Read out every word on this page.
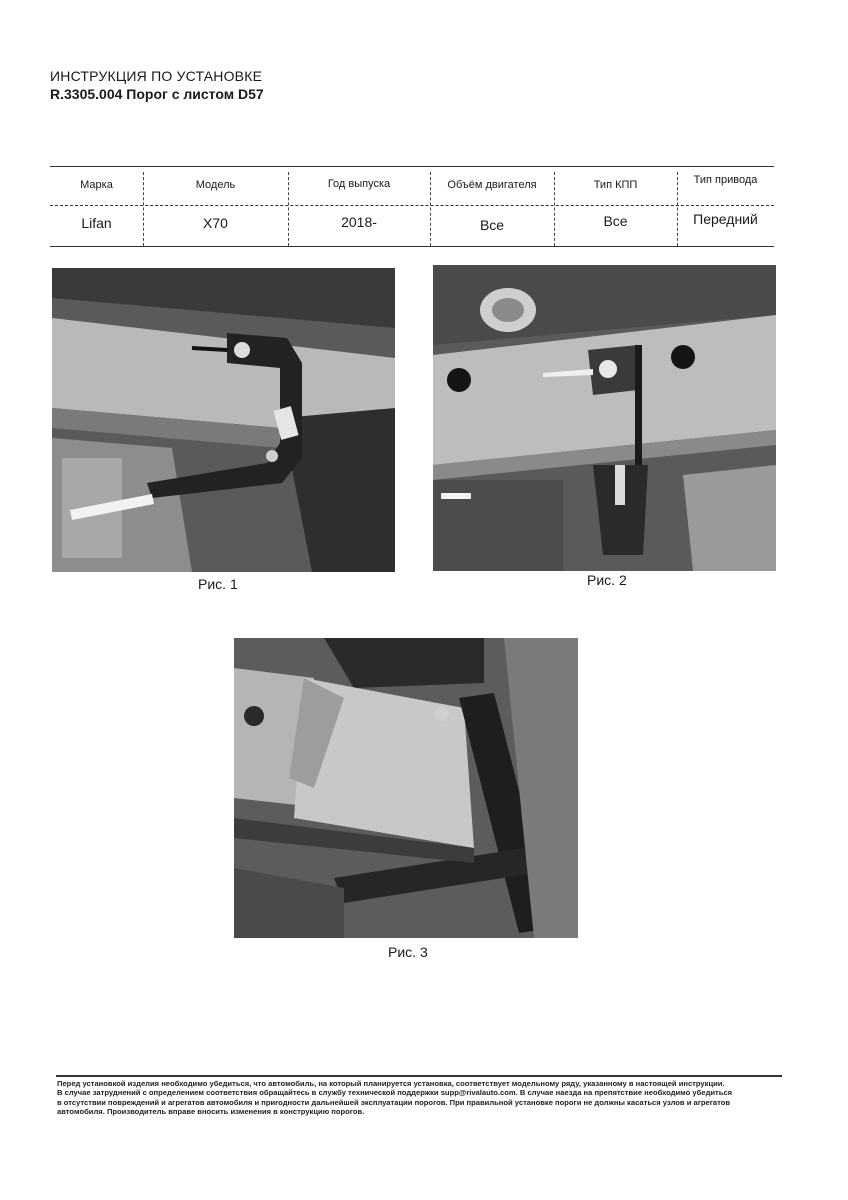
ИНСТРУКЦИЯ ПО УСТАНОВКЕ
R.3305.004 Порог с листом D57
Марка	Модель	Год выпуска	Объём двигателя	Тип КПП	Тип привода
Lifan	X70	2018-	Все	Все	Передний
Рис. 1	Рис. 2
Рис. 3
Перед установкой изделия необходимо убедиться, что автомобиль, на который планируется установка, соответствует модельному ряду, указанному в настоящей инструкции.
В случае затруднений с определением соответствия обращайтесь в службу технической поддержки supp@rivalauto.com. В случае наезда на препятствие необходимо убедиться
в отсутствии повреждений и агрегатов автомобиля и пригодности дальнейшей эксплуатации порогов. При правильной установке пороги не должны касаться узлов и агрегатов
автомобиля. Производитель вправе вносить изменения в конструкцию порогов.
